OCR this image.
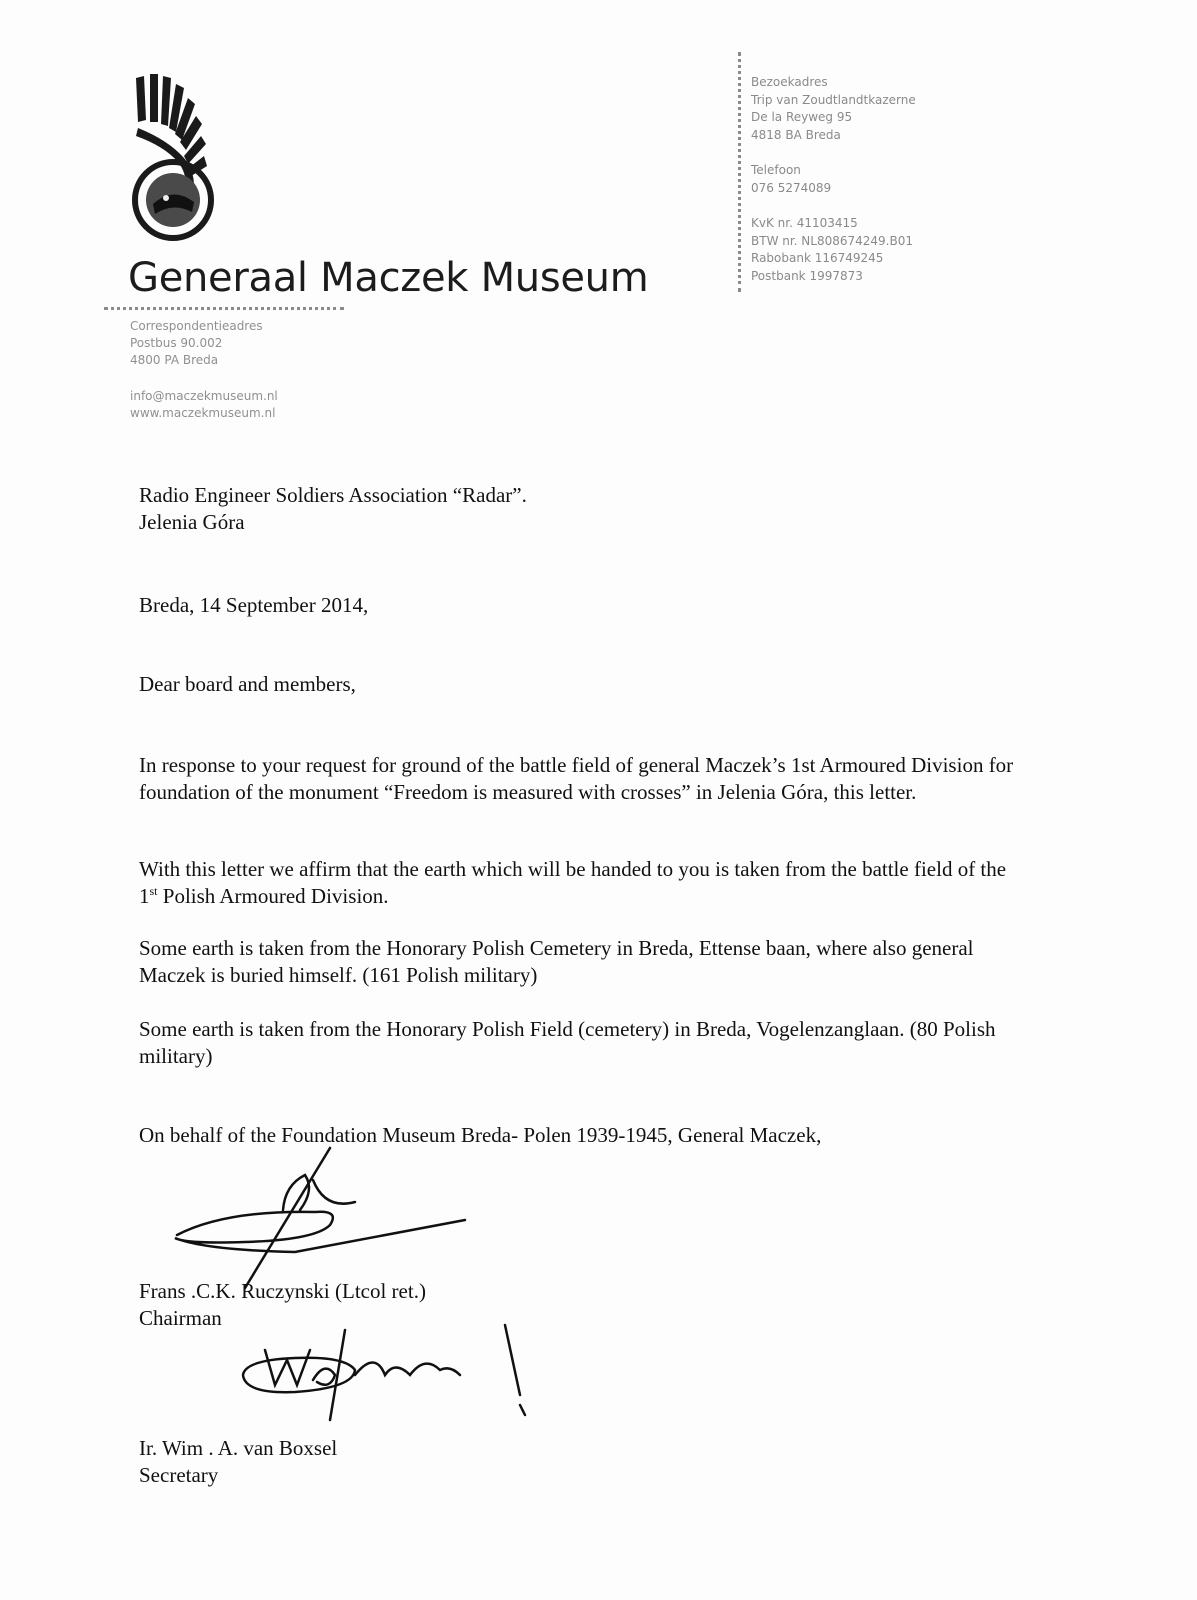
Generaal Maczek Museum
Correspondentieadres
Postbus 90.002
4800 PA Breda
info@maczekmuseum.nl
www.maczekmuseum.nl
Bezoekadres
Trip van Zoudtlandtkazerne
De la Reyweg 95
4818 BA Breda
Telefoon
076 5274089
KvK nr. 41103415
BTW nr. NL808674249.B01
Rabobank 116749245
Postbank 1997873
Radio Engineer Soldiers Association “Radar”.
Jelenia Góra
Breda, 14 September 2014,
Dear board and members,
In response to your request for ground of the battle field of general Maczek’s 1st Armoured Division for foundation of the monument “Freedom is measured with crosses” in Jelenia Góra, this letter.
With this letter we affirm that the earth which will be handed to you is taken from the battle field of the 1st Polish Armoured Division.
Some earth is taken from the Honorary Polish Cemetery in Breda, Ettense baan, where also general Maczek is buried himself. (161 Polish military)
Some earth is taken from the Honorary Polish Field (cemetery) in Breda, Vogelenzanglaan. (80 Polish military)
On behalf of the Foundation Museum Breda- Polen 1939-1945, General Maczek,
Frans .C.K. Ruczynski (Ltcol ret.)
Chairman
Ir. Wim . A. van Boxsel
Secretary
